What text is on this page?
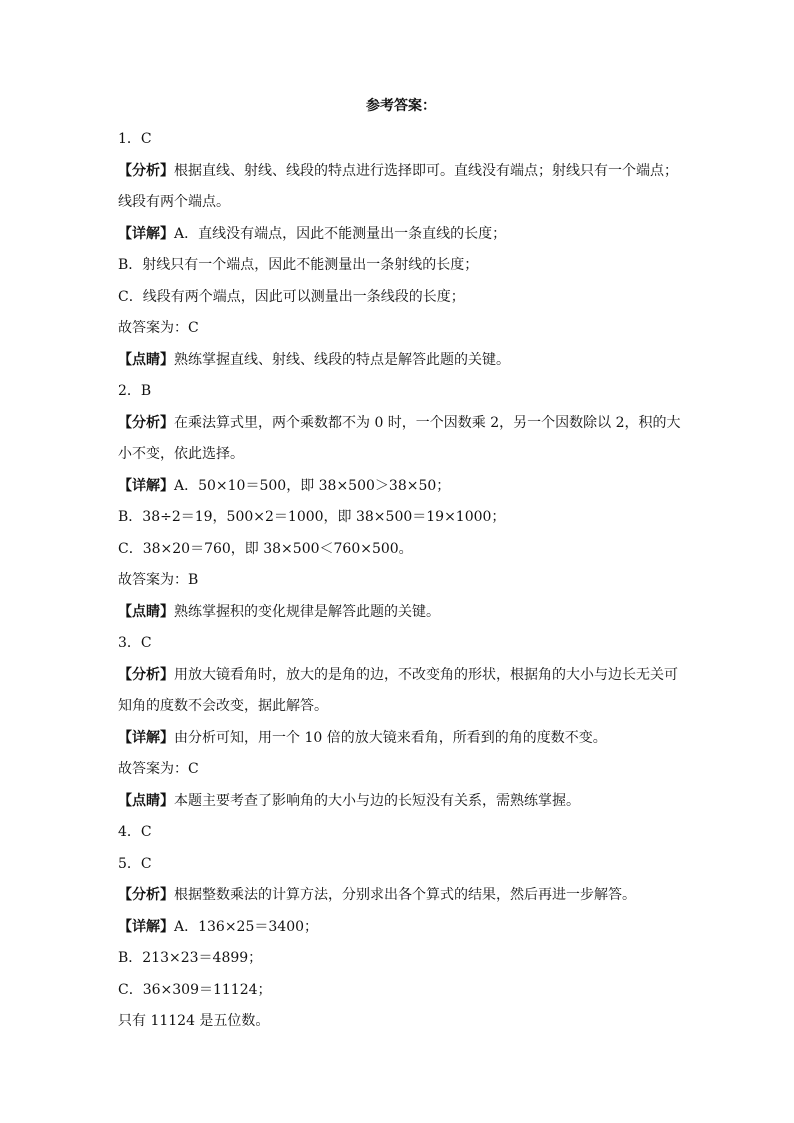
参考答案：
1．C
【分析】根据直线、射线、线段的特点进行选择即可。直线没有端点；射线只有一个端点；
线段有两个端点。
【详解】A．直线没有端点，因此不能测量出一条直线的长度；
B．射线只有一个端点，因此不能测量出一条射线的长度；
C．线段有两个端点，因此可以测量出一条线段的长度；
故答案为：C
【点睛】熟练掌握直线、射线、线段的特点是解答此题的关键。
2．B
【分析】在乘法算式里，两个乘数都不为 0 时，一个因数乘 2，另一个因数除以 2，积的大
小不变，依此选择。
【详解】A．50×10＝500，即 38×500＞38×50；
B．38÷2＝19，500×2＝1000，即 38×500＝19×1000；
C．38×20＝760，即 38×500＜760×500。
故答案为：B
【点睛】熟练掌握积的变化规律是解答此题的关键。
3．C
【分析】用放大镜看角时，放大的是角的边，不改变角的形状，根据角的大小与边长无关可
知角的度数不会改变，据此解答。
【详解】由分析可知，用一个 10 倍的放大镜来看角，所看到的角的度数不变。
故答案为：C
【点睛】本题主要考查了影响角的大小与边的长短没有关系，需熟练掌握。
4．C
5．C
【分析】根据整数乘法的计算方法，分别求出各个算式的结果，然后再进一步解答。
【详解】A．136×25＝3400；
B．213×23＝4899；
C．36×309＝11124；
只有 11124 是五位数。
